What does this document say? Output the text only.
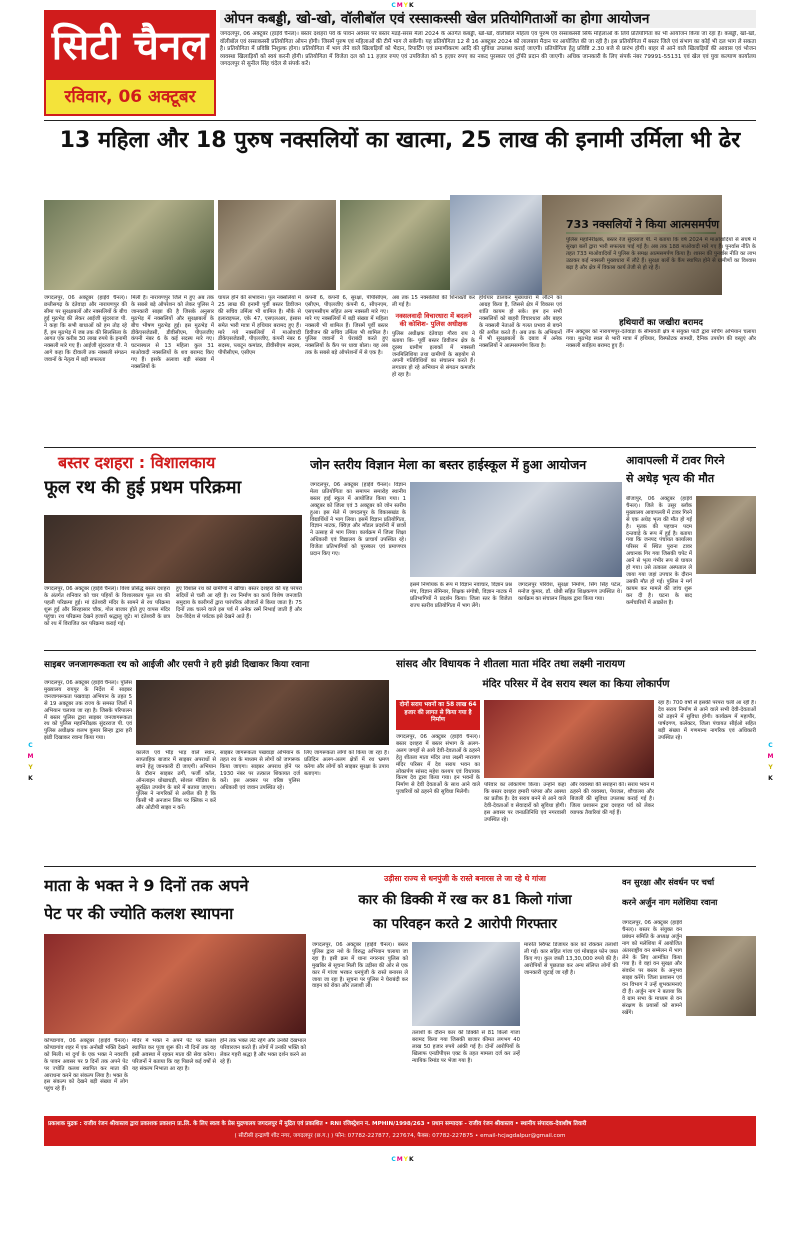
CMYK
सिटी चैनल
रविवार, 06 अक्टूबर
ओपन कबड्डी, खो-खो, वॉलीबॉल एवं रस्साकस्सी खेल प्रतियोगिताओं का होगा आयोजन
जगदलपुर, 06 अक्टूबर (हाईवे चैनल)। बस्तर दशहरा पर्व के पावन अवसर पर बस्तर मंडई-सरस मेला 2024 के अंतर्गत कबड्डी, खो-खो, वॉलीबॉल महिला एवं पुरुष एवं रस्साकस्सी सिर्फ महिलाओं के लिये प्रतियोगिता का भी आयोजन किया जा रहा है। कबड्डी, खो-खो, वॉलीबॉल एवं रस्साकस्सी प्रतियोगिता ओपन होगी। जिसमें पुरुष एवं महिलाओं की टीमें भाग ले सकेंगी। यह प्रतियोगिता 12 से 16 अक्टूबर 2024 को लालबाग़ मैदान पर आयोजित की जा रही है। इस प्रतियोगिता में बस्तर जिले एवं संभाग का कोई भी दल भाग ले सकता है। प्रतियोगिता में प्रविष्ठि निशुल्क होगा। प्रतियोगिता में भाग लेने वाले खिलाड़ियों को भैदान, रिपार्टिंग एवं प्रमाणीकरण आदि की सुविधा उपलब्ध कराई जाएगी। प्रतियोगिता हेतु प्रविष्टि 2.30 बजे से प्रारंभ होगी। बाहर से आने वाले खिलाड़ियों की आवास एवं भोजन व्यवस्था खिलाड़ियों को स्वयं करनी होगी। प्रतियोगिता में विजेता दल को 11 हज़ार रुपए एवं उपविजेता को 5 हज़ार रुपए का नकद पुरस्कार एवं ट्रॉफी प्रदान की जाएगी। अधिक जानकारी के लिए संपर्क नंबर 79991-55131 एवं खेल एवं युवा कल्याण कार्यालय जगदलपुर से सुनील सिंह चंदेल से संपर्क करें।
13 महिला और 18 पुरुष नक्सलियों का खात्मा, 25 लाख की इनामी उर्मिला भी ढेर
जगदलपुर, 06 अक्टूबर (हाईवे चैनल)। छत्तीसगढ़ के दंतेवाड़ा और नारायणपुर की सीमा पर सुरक्षाबलों और नक्सलियों के बीच हुई मुठभेड़ की लेकर आईजी सुंदरराज पी. ने कहा कि सभी बाधाओं को हम तोड़ रहे हैं, हम मुठभेड़ में जब तक की सिलसिला के आगत एक करीब 30 लाख रुपये के इनामी नक्सली मारे गए हैं। आईजी सुंदरराज पी. ने आगे कहा कि दीवाली तक नक्सली संगठन जवानों के नेतृत्व में बड़ी सफलता
मिली है। नारायणपुर जिले में हुए अब तक के सबसे बड़े ऑपरेशन को लेकर पुलिस ने जानकारी साझा की है जिसके अनुसार मुठभेड़ में नक्सलियों और सुरक्षाबलों के बीच भीषण मुठभेड़ हुई। इस मुठभेड़ में डीकेएसजेडसी, डीवीसीएम, पीएलजीए कंपनी नंबर 6 के कई सदस्य मारे गए। घटनास्थल से 13 महिला कुल 31 माओवादी नक्सलियों के शव बरामद किए गए हैं। इसके अलावा बड़ी संख्या में नक्सलियों के
घायल होने की संभावना। पुल नक्सलियों में 25 लाख की इनामी पूर्वी बस्तर डिवीजन की सचिव उर्मिला भी शामिल है। मौके से इलाराइफल, एके 47, एसएलआर, इंसास समेत भारी मात्रा में हथियार बरामद हुए हैं। मारे गये नक्सलियों में माओवादी डीकेएसजेडसी, पीएलजीए, कंपनी नंबर 6 सदस्य, प्लाटून कमांडर, डीवीसीएम सदस्य, पीपीसीएम, एसीएम
कंपनी 6, कंपनी 6, सुरक्षा, पीपीसीएम, एसीएम, पीएलजीए कंपनी 6, सीएनएम, एसएमसीएम सहित अन्य नक्सली मारे गए। मारे गए नक्सलियों में बड़ी संख्या में महिला नक्सली भी शामिल हैं। जिसमें पूर्वी बस्तर डिवीजन की सचिव उर्मिला भी शामिल है। पुलिस जवानों ने घेराबंदी करते हुए नक्सलियों के कैंप पर धावा बोला। यह अब तक के सबसे बड़े ऑपरेशनों में से एक है।
अब तक 15 नक्सलियों की शिनाख्ती कर ली गई है।
नक्सलवादी विचारधारा में बदलने की कोशिश- पुलिस अधीक्षक
पुलिस अधीक्षक दंतेवाड़ा गौरव राय ने बताया कि- पूर्वी बस्तर डिवीजन क्षेत्र के दूरस्थ ग्रामीण इलाकों में नक्सली जनमिलिशिया तथा ग्रामीणों के सहयोग से अपनी गतिविधियों का संचालन करते हैं। लगातार हो रहे अभियान से संगठन कमजोर हो रहा है।
हथियार डालकर मुख्यधारा में लौटने का आग्रह किया है, जिससे क्षेत्र में विकास एवं शांति कायम हो सके। हम इन सभी नक्सलियों को बाहरी विचारधारा और बाहर के नक्सली नेताओं के गलत प्रभाव से बचने की अपील करते हैं। अब तक के अभियानों में भी सुरक्षाबलों के दबाव में अनेक नक्सलियों ने आत्मसमर्पण किया है।
733 नक्सलियों ने किया आत्मसमर्पण
पुलिस महानिरीक्षक, बस्तर रेंज सुंदरराज पी. ने बताया कि वर्ष 2024 में माओवादियों से संघर्ष में सुरक्षा बलों द्वारा भारी सफलता पाई गई है। अब तक 188 माओवादी मारे गए हैं। पुनर्वास नीति के तहत 733 माओवादियों ने पुलिस के समक्ष आत्मसमर्पण किया है। शासन की पुनर्वास नीति का लाभ उठाकर कई नक्सली मुख्यधारा में लौटे हैं। सुरक्षा बलों के कैंप स्थापित होने से ग्रामीणों का विश्वास बढ़ा है और क्षेत्र में विकास कार्य तेजी से हो रहे हैं।
हथियारों का जखीरा बरामद
तीन अक्टूबर को नारायणपुर-दंतेवाड़ा के सीमावर्ती क्षेत्र में संयुक्त पार्टी द्वारा सर्चिंग अभियान चलाया गया। मुठभेड़ स्थल से भारी मात्रा में हथियार, विस्फोटक सामग्री, दैनिक उपयोग की वस्तुएं और नक्सली साहित्य बरामद हुए हैं।
बस्तर दशहरा : विशालकाय
फूल रथ की हुई प्रथम परिक्रमा
जगदलपुर, 06 अक्टूबर (हाईवे चैनल)। विश्व प्रसिद्ध बस्तर दशहरा के अंतर्गत शनिवार को चार पहियों के विशालकाय फूल रथ की पहली परिक्रमा हुई। मां दंतेश्वरी मंदिर के सामने से रथ परिक्रमा शुरू हुई और सिरहासार चौक, गोल बाजार होते हुए वापस मंदिर पहुंचा। रथ परिक्रमा देखने हजारों श्रद्धालु जुटे। मां दंतेश्वरी के छत्र को रथ में विराजित कर परिक्रमा कराई गई।
हुए विशाल रथ को ग्रामीणों ने खींचा। बस्तर दशहरा की यह परंपरा सदियों से चली आ रही है। रथ निर्माण का कार्य विशेष जनजाति समुदाय के कारीगरों द्वारा पारंपरिक औजारों से किया जाता है। 75 दिनों तक चलने वाले इस पर्व में अनेक रस्में निभाई जाती हैं और देश-विदेश से पर्यटक इसे देखने आते हैं।
जोन स्तरीय विज्ञान मेला का बस्तर हाईस्कूल में हुआ आयोजन
जगदलपुर, 06 अक्टूबर (हाईवे चैनल)। विज्ञान मेला प्रतियोगिता का समापन समारोह स्थानीय बस्तर हाई स्कूल में आयोजित किया गया। 1 अक्टूबर को जिला एवं 3 अक्टूबर को जोन स्तरीय हुआ। इस मेले में जगदलपुर के विकासखंड के विद्यार्थियों ने भाग लिया। इसमें विज्ञान प्रतियोगिता, विज्ञान नाटक, क्विज़ और मॉडल प्रदर्शनी में छात्रों ने उत्साह से भाग लिया। कार्यक्रम में जिला शिक्षा अधिकारी एवं विद्यालय के प्राचार्य उपस्थित रहे। विजेता प्रतिभागियों को पुरस्कार एवं प्रमाणपत्र प्रदान किए गए।
इसमें निर्णायक के रूप में विज्ञान नवाचार, विज्ञान प्रश्न मंच, विज्ञान सेमिनार, शिक्षक संगोष्ठी, विज्ञान नाटक में प्रतिभागियों ने प्रदर्शन किया। जिला स्तर के विजेता राज्य स्तरीय प्रतियोगिता में भाग लेंगे।
जगदलपुर परिवेश, सुरक्षा निर्माण, सिंग सिंह पटेल, मनोज कुमार, डॉ. धोबी सहित शिक्षकगण उपस्थित थे। कार्यक्रम का संचालन शिक्षक द्वारा किया गया।
आवापल्ली में टावर गिरने
से अधेड़ भृत्य की मौत
बीजापुर, 06 अक्टूबर (हाईवे चैनल)। जिले के उसूर ब्लॉक मुख्यालय आवापल्ली में टावर गिरने से एक अधेड़ भृत्य की मौत हो गई है। मृतक की पहचान पदम दन्तवाड़े के रूप में हुई है। बताया गया कि जनपद पंचायत कार्यालय परिसर में स्थित पुराना टावर अचानक गिर गया जिसकी चपेट में आने से भृत्य गंभीर रूप से घायल हो गया। उसे तत्काल अस्पताल ले जाया गया जहां उपचार के दौरान उसकी मौत हो गई। पुलिस ने मर्ग कायम कर मामले की जांच शुरू कर दी है। घटना के बाद कर्मचारियों में आक्रोश है।
साइबर जनजागरूकता रथ को आईजी और एसपी ने हरी झंडी दिखाकर किया रवाना
जगदलपुर, 06 अक्टूबर (हाईवे चैनल)। पुलिस मुख्यालय रायपुर के निर्देश में साइबर जनजागरूकता पखवाड़ा अभियान के तहत 5 से 19 अक्टूबर तक राज्य के समस्त जिलों में अभियान चलाया जा रहा है। जिसके परिपालन में बस्तर पुलिस द्वारा साइबर जनजागरूकता रथ को पुलिस महानिरीक्षक सुंदरराज पी. एवं पुलिस अधीक्षक शलभ कुमार सिन्हा द्वारा हरी झंडी दिखाकर रवाना किया गया।
कालेज एवं भीड़ भाड़ वाले स्थान, साप्ताहिक बाजार में साइबर अपराधों से बचने हेतु जानकारी दी जाएगी। अभियान के दौरान साइबर ठगी, फर्जी कॉल, ऑनलाइन धोखाधड़ी, सोशल मीडिया के सुरक्षित उपयोग के बारे में बताया जाएगा। पुलिस ने नागरिकों से अपील की है कि किसी भी अनजान लिंक पर क्लिक न करें और ओटीपी साझा न करें।
साइबर जागरूकता पखवाड़ा अभियान के तहत रथ के माध्यम से लोगों को जागरूक किया जाएगा। साइबर अपराध होने पर 1930 नंबर पर तत्काल शिकायत दर्ज करें। इस अवसर पर वरिष्ठ पुलिस अधिकारी एवं जवान उपस्थित रहे।
लिए जागरूकता लोगों को किया जा रहा है। प्रतिदिन अलग-अलग क्षेत्रों में रथ भ्रमण करेगा और लोगों को साइबर सुरक्षा के उपाय बताएगा।
सांसद और विधायक ने शीतला माता मंदिर तथा लक्ष्मी नारायण
मंदिर परिसर में देव सराय स्थल का किया लोकार्पण
दोनों सराय भवनों का 58 लाख 64 हजार की लागत से किया गया है निर्माण
जगदलपुर, 06 अक्टूबर (हाईवे चैनल)। बस्तर दशहरा में बस्तर संभाग के अलग-अलग जगहों से आये देवी-देवताओं के ठहरने हेतु शीतला माता मंदिर तथा लक्ष्मी नारायण मंदिर परिसर में देव सराय भवन का लोकार्पण सांसद महेश कश्यप एवं विधायक किरण देव द्वारा किया गया। इन भवनों के निर्माण से देवी देवताओं के साथ आने वाले पुजारियों को ठहरने की सुविधा मिलेगी।
परिवार का लोकार्पण किया। उन्होंने कहा कि बस्तर दशहरा हमारी परंपरा और आस्था का प्रतीक है। देव सराय बनने से आने वाले देवी-देवताओं व सेवादारों को सुविधा होगी। इस अवसर पर जनप्रतिनिधि एवं नगरवासी उपस्थित रहे।
और व्यवस्था की सराहना की। सराय भवन में ठहरने की व्यवस्था, पेयजल, शौचालय और बिजली की सुविधा उपलब्ध कराई गई है। जिला प्रशासन द्वारा दशहरा पर्व को लेकर व्यापक तैयारियां की गई हैं।
रहा है। 700 वर्षों से इसकी परंपरा चली आ रही है। देव सराय निर्माण से आने वाले सभी देवी-देवताओं को ठहरने में सुविधा होगी। कार्यक्रम में महापौर, पार्षदगण, कलेक्टर, जिला पंचायत सीईओ सहित बड़ी संख्या में गणमान्य नागरिक एवं अधिकारी उपस्थित रहे।
माता के भक्त ने 9 दिनों तक अपने
पेट पर की ज्योति कलश स्थापना
कोण्डागांव, 06 अक्टूबर (हाईवे चैनल)। कोण्डागांव शहर में एक अनोखी भक्ति देखने को मिली। मां दुर्गा के एक भक्त ने नवरात्रि के पावन अवसर पर 9 दिनों तक अपने पेट पर ज्योति कलश स्थापित कर माता की आराधना करने का संकल्प लिया है। भक्त के इस संकल्प को देखने बड़ी संख्या में लोग पहुंच रहे हैं।
मंदिर में भक्त ने अपने पेट पर कलश स्थापित कर पूजा शुरू की। नौ दिनों तक वह इसी अवस्था में रहकर माता की सेवा करेगा। परिजनों ने बताया कि वह पिछले कई वर्षों से यह संकल्प निभाता आ रहा है।
होने तक भक्त लेटे रहेंगे और उनकी देखभाल परिवारजन करते हैं। लोगों में उनकी भक्ति को लेकर गहरी श्रद्धा है और भक्त दर्शन करने आ रहे हैं।
उड़ीसा राज्य से धनपुंजी के रास्ते बनारस ले जा रहे थे गांजा
कार की डिक्की में रख कर 81 किलो गांजा
का परिवहन करते 2 आरोपी गिरफ्तार
जगदलपुर, 06 अक्टूबर (हाईवे चैनल)। बस्तर पुलिस द्वारा नशे के विरुद्ध अभियान चलाया जा रहा है। इसी क्रम में थाना नगरनार पुलिस को मुखबिर से सूचना मिली कि उड़ीसा की ओर से एक कार में गांजा भरकर धनपुंजी के रास्ते बनारस ले जाया जा रहा है। सूचना पर पुलिस ने घेराबंदी कर वाहन को रोका और तलाशी ली।
तलाशी के दौरान कार की डिक्की से 81 किलो गांजा बरामद किया गया जिसकी बाजार कीमत लगभग 40 लाख 50 हजार रुपये आंकी गई है। दोनों आरोपियों के खिलाफ एनडीपीएस एक्ट के तहत मामला दर्ज कर उन्हें न्यायिक रिमांड पर भेजा गया है।
मारुति स्विफ्ट डिजायर कार को रोककर तलाशी ली गई। कार सहित गांजा एवं मोबाइल फोन जब्त किए गए। कुल जब्ती 13,30,000 रुपये की है। आरोपियों से पूछताछ कर अन्य संलिप्त लोगों की जानकारी जुटाई जा रही है।
वन सुरक्षा और संवर्धन पर चर्चा
करने अर्जुन नाग मलेशिया रवाना
जगदलपुर, 06 अक्टूबर (हाईवे चैनल)। बस्तर के संयुक्त वन प्रबंधन समिति के अध्यक्ष अर्जुन नाग को मलेशिया में आयोजित अंतरराष्ट्रीय वन सम्मेलन में भाग लेने के लिए आमंत्रित किया गया है। वे वहां वन सुरक्षा और संवर्धन पर बस्तर के अनुभव साझा करेंगे। जिला प्रशासन एवं वन विभाग ने उन्हें शुभकामनाएं दी हैं। अर्जुन नाग ने बताया कि वे ग्राम सभा के माध्यम से वन संरक्षण के प्रयासों को सामने रखेंगे।
C
M
Y
K
C
M
Y
K
प्रकाशक मुद्रक : राजीव रंजन श्रीवास्तव द्वारा प्रकाशक प्रकाशन प्रा.लि. के लिए स्वत्व के प्रेस मुद्रणालय जगदलपुर में मुद्रित एवं प्रकाशित • RNI रजिस्ट्रेशन न. MPHIN/1998/263 • प्रधान सम्पादक - राजीव रंजन श्रीवास्तव • स्थानीय संपादक-देवाशीष तिवारी
( सीटीसी इन्द्राणी शीट नगर, जगदलपुर (छ.ग.) ) फोन: 07782-227877, 227674, फैक्स: 07782-227875 • email-hcjagdalpur@gmail.com
CMYK
